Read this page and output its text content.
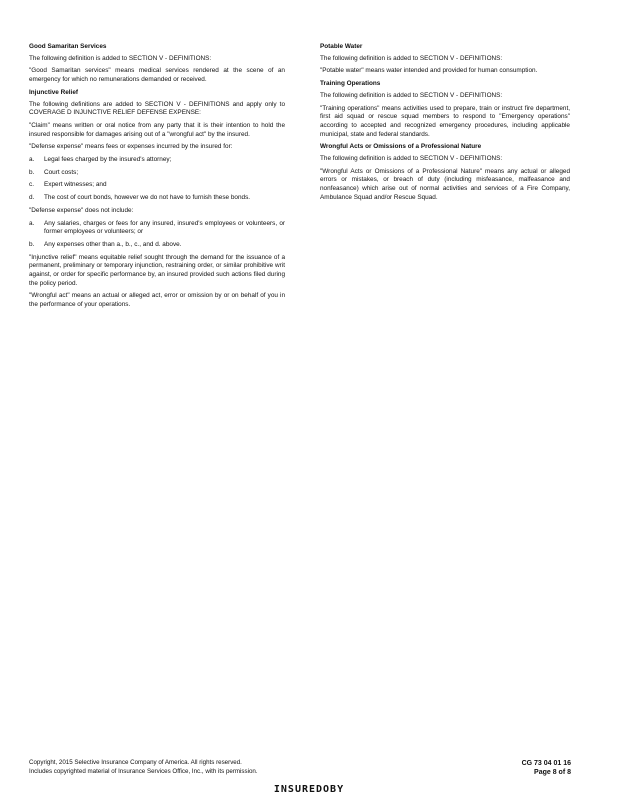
Good Samaritan Services
The following definition is added to SECTION V - DEFINITIONS:
"Good Samaritan services" means medical services rendered at the scene of an emergency for which no remunerations demanded or received.
Injunctive Relief
The following definitions are added to SECTION V - DEFINITIONS and apply only to COVERAGE D INJUNCTIVE RELIEF DEFENSE EXPENSE:
"Claim" means written or oral notice from any party that it is their intention to hold the insured responsible for damages arising out of a "wrongful act" by the insured.
"Defense expense" means fees or expenses incurred by the insured for:
a.	Legal fees charged by the insured's attorney;
b.	Court costs;
c.	Expert witnesses; and
d.	The cost of court bonds, however we do not have to furnish these bonds.
"Defense expense" does not include:
a.	Any salaries, charges or fees for any insured, insured's employees or volunteers, or former employees or volunteers; or
b.	Any expenses other than a., b., c., and d. above.
"Injunctive relief" means equitable relief sought through the demand for the issuance of a permanent, preliminary or temporary injunction, restraining order, or similar prohibitive writ against, or order for specific performance by, an insured provided such actions filed during the policy period.
"Wrongful act" means an actual or alleged act, error or omission by or on behalf of you in the performance of your operations.
Potable Water
The following definition is added to SECTION V - DEFINITIONS:
"Potable water" means water intended and provided for human consumption.
Training Operations
The following definition is added to SECTION V - DEFINITIONS:
"Training operations" means activities used to prepare, train or instruct fire department, first aid squad or rescue squad members to respond to "Emergency operations" according to accepted and recognized emergency procedures, including applicable municipal, state and federal standards.
Wrongful Acts or Omissions of a Professional Nature
The following definition is added to SECTION V - DEFINITIONS:
"Wrongful Acts or Omissions of a Professional Nature" means any actual or alleged errors or mistakes, or breach of duty (including misfeasance, malfeasance and nonfeasance) which arise out of normal activities and services of a Fire Company, Ambulance Squad and/or Rescue Squad.
Copyright, 2015 Selective Insurance Company of America. All rights reserved.
Includes copyrighted material of Insurance Services Office, Inc., with its permission.
CG 73 04 01 16
Page 8 of 8
INSUREDOBY
